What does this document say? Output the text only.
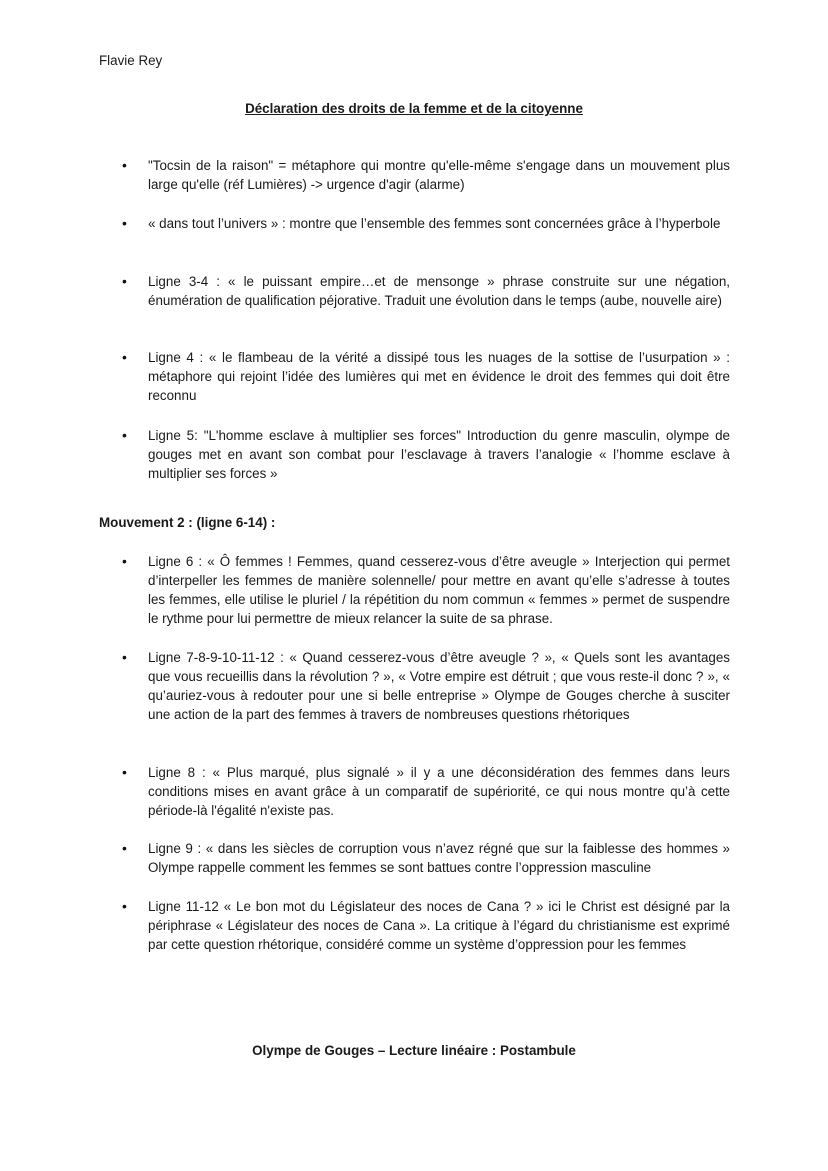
Flavie Rey
Déclaration des droits de la femme et de la citoyenne
• "Tocsin de la raison" = métaphore qui montre qu'elle-même s'engage dans un mouvement plus large qu'elle (réf Lumières) -> urgence d'agir (alarme)
• « dans tout l’univers » : montre que l’ensemble des femmes sont concernées grâce à l’hyperbole
• Ligne 3-4 : « le puissant empire…et de mensonge » phrase construite sur une négation, énumération de qualification péjorative. Traduit une évolution dans le temps (aube, nouvelle aire)
• Ligne 4 : « le flambeau de la vérité a dissipé tous les nuages de la sottise de l’usurpation » : métaphore qui rejoint l’idée des lumières qui met en évidence le droit des femmes qui doit être reconnu
• Ligne 5: "L'homme esclave à multiplier ses forces" Introduction du genre masculin, olympe de gouges met en avant son combat pour l’esclavage à travers l’analogie « l’homme esclave à multiplier ses forces »
Mouvement 2 : (ligne 6-14) :
• Ligne 6 : « Ô femmes ! Femmes, quand cesserez-vous d’être aveugle » Interjection qui permet d’interpeller les femmes de manière solennelle/ pour mettre en avant qu’elle s’adresse à toutes les femmes, elle utilise le pluriel / la répétition du nom commun « femmes » permet de suspendre le rythme pour lui permettre de mieux relancer la suite de sa phrase.
• Ligne 7-8-9-10-11-12 : « Quand cesserez-vous d’être aveugle ? », « Quels sont les avantages que vous recueillis dans la révolution ? », « Votre empire est détruit ; que vous reste-il donc ? », « qu’auriez-vous à redouter pour une si belle entreprise » Olympe de Gouges cherche à susciter une action de la part des femmes à travers de nombreuses questions rhétoriques
• Ligne 8 : « Plus marqué, plus signalé » il y a une déconsidération des femmes dans leurs conditions mises en avant grâce à un comparatif de supériorité, ce qui nous montre qu’à cette période-là l'égalité n'existe pas.
• Ligne 9 : « dans les siècles de corruption vous n’avez régné que sur la faiblesse des hommes » Olympe rappelle comment les femmes se sont battues contre l’oppression masculine
• Ligne 11-12 « Le bon mot du Législateur des noces de Cana ? » ici le Christ est désigné par la périphrase « Législateur des noces de Cana ». La critique à l’égard du christianisme est exprimé par cette question rhétorique, considéré comme un système d’oppression pour les femmes
Olympe de Gouges – Lecture linéaire : Postambule
